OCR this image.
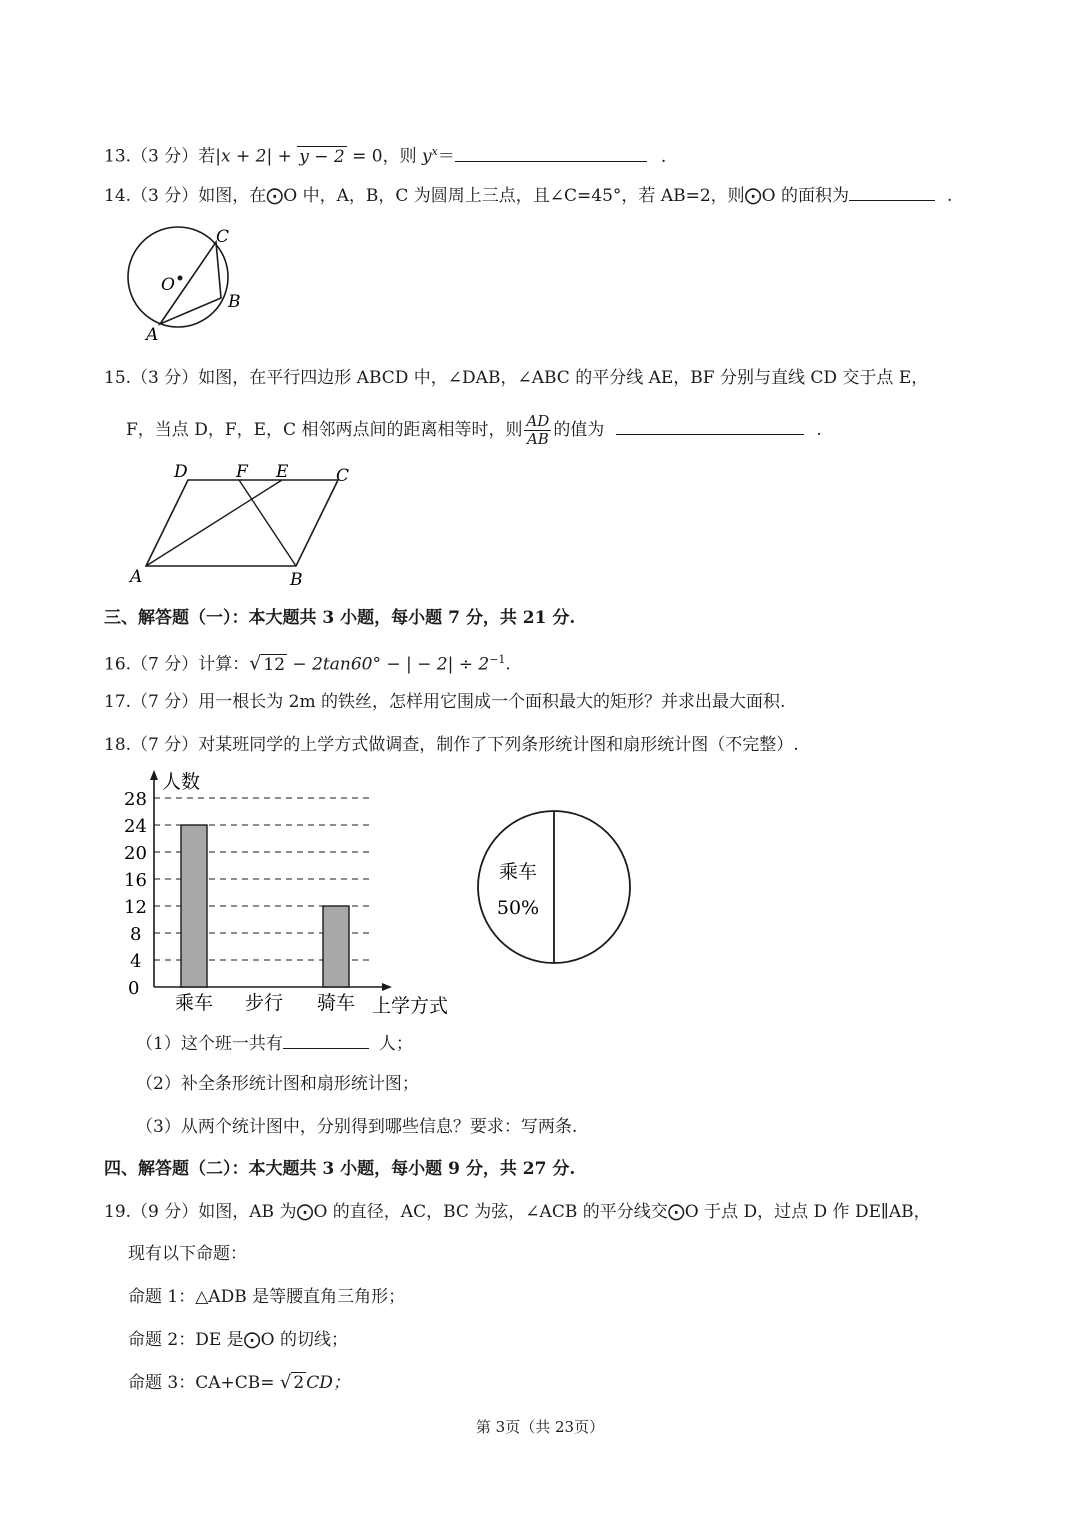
13.（3 分）若|x + 2| + y − 2 = 0，则 $y^x=$	.
14.（3 分）如图，在⨀O 中，A，B，C 为圆周上三点，且∠C=45°，若 AB=2，则⨀O 的面积为	.
C
O
B
A
15.（3 分）如图，在平行四边形 ABCD 中，∠DAB，∠ABC 的平分线 AE，BF 分别与直线 CD 交于点 E，
F，当点 D，F，E，C 相邻两点间的距离相等时，则 $\frac{AD}{AB}$ 的值为	.
D	F E	C
A	B
三、解答题（一）：本大题共 3 小题，每小题 7 分，共 21 分.
16.（7 分）计算：√ 12 − 2tan60° − | − $2| \div 2^{-1}$.
17.（7 分）用一根长为 2m 的铁丝，怎样用它围成一个面积最大的矩形？并求出最大面积.
18.（7 分）对某班同学的上学方式做调查，制作了下列条形统计图和扇形统计图（不完整）.
人数
上学方式
0
4
8
12
16
20
24
28
乘车 步行 骑车
乘车
50%
（1）这个班一共有	人；
（2）补全条形统计图和扇形统计图；
（3）从两个统计图中，分别得到哪些信息？要求：写两条.
四、解答题（二）：本大题共 3 小题，每小题 9 分，共 27 分.
19.（9 分）如图，AB 为⨀O 的直径，AC，BC 为弦，∠ACB 的平分线交⨀O 于点 D，过点 D 作 DE∥AB，
现有以下命题：
命题 1：△ADB 是等腰直角三角形；
命题 2：DE 是⨀O 的切线；
命题 3：CA+CB= √ 2 CD；
第 3页（共 23页）
